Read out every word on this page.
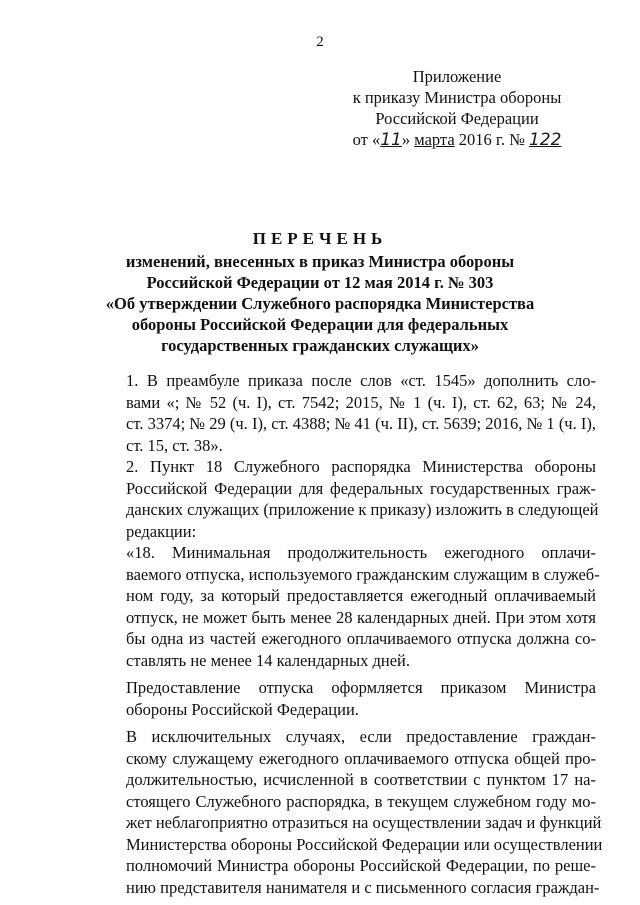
2
Приложение
к приказу Министра обороны
Российской Федерации
от «11» марта 2016 г. № 122
ПЕРЕЧЕНЬ
изменений, внесенных в приказ Министра обороны
Российской Федерации от 12 мая 2014 г. № 303
«Об утверждении Служебного распорядка Министерства
обороны Российской Федерации для федеральных
государственных гражданских служащих»

1. В преамбуле приказа после слов «ст. 1545» дополнить сло-
вами «; № 52 (ч. I), ст. 7542; 2015, № 1 (ч. I), ст. 62, 63; № 24,
ст. 3374; № 29 (ч. I), ст. 4388; № 41 (ч. II), ст. 5639; 2016, № 1 (ч. I),
ст. 15, ст. 38».

2. Пункт 18 Служебного распорядка Министерства обороны
Российской Федерации для федеральных государственных граж-
данских служащих (приложение к приказу) изложить в следующей
редакции:

«18. Минимальная продолжительность ежегодного оплачи-
ваемого отпуска, используемого гражданским служащим в служеб-
ном году, за который предоставляется ежегодный оплачиваемый
отпуск, не может быть менее 28 календарных дней. При этом хотя
бы одна из частей ежегодного оплачиваемого отпуска должна со-
ставлять не менее 14 календарных дней.

Предоставление отпуска оформляется приказом Министра
обороны Российской Федерации.

В исключительных случаях, если предоставление граждан-
скому служащему ежегодного оплачиваемого отпуска общей про-
должительностью, исчисленной в соответствии с пунктом 17 на-
стоящего Служебного распорядка, в текущем служебном году мо-
жет неблагоприятно отразиться на осуществлении задач и функций
Министерства обороны Российской Федерации или осуществлении
полномочий Министра обороны Российской Федерации, по решe-
нию представителя нанимателя и с письменного согласия граждан-
